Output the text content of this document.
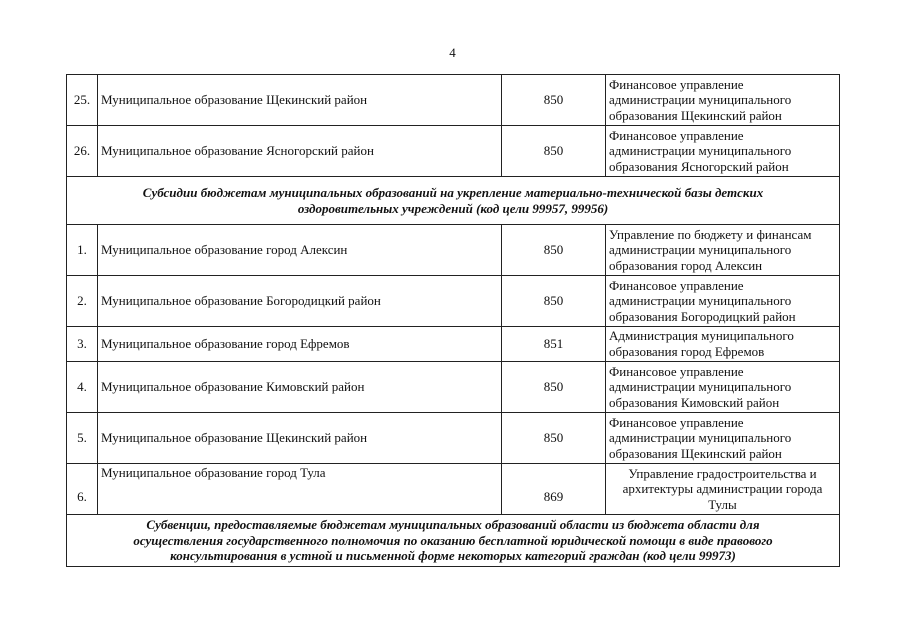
4
25.	Муниципальное образование Щекинский район	850	Финансовое управление
администрации муниципального
образования Щекинский район

26.	Муниципальное образование Ясногорский район	850	Финансовое управление
администрации муниципального
образования Ясногорский район

Субсидии бюджетам муниципальных образований на укрепление материально-технической базы детских
оздоровительных учреждений (код цели 99957, 99956)			

1.	Муниципальное образование город Алексин	850	Управление по бюджету и финансам
администрации муниципального
образования город Алексин

2.	Муниципальное образование Богородицкий район	850	Финансовое управление
администрации муниципального
образования Богородицкий район

3.	Муниципальное образование город Ефремов	851	Администрация муниципального
образования город Ефремов

4.	Муниципальное образование Кимовский район	850	Финансовое управление
администрации муниципального
образования Кимовский район

5.	Муниципальное образование Щекинский район	850	Финансовое управление
администрации муниципального
образования Щекинский район

6.	Муниципальное образование город Тула	869	Управление градостроительства и
архитектуры администрации города
Тулы

Субвенции, предоставляемые бюджетам муниципальных образований области из бюджета области для
осуществления государственного полномочия по оказанию бесплатной юридической помощи в виде правового
консультирования в устной и письменной форме некоторых категорий граждан (код цели 99973)			
